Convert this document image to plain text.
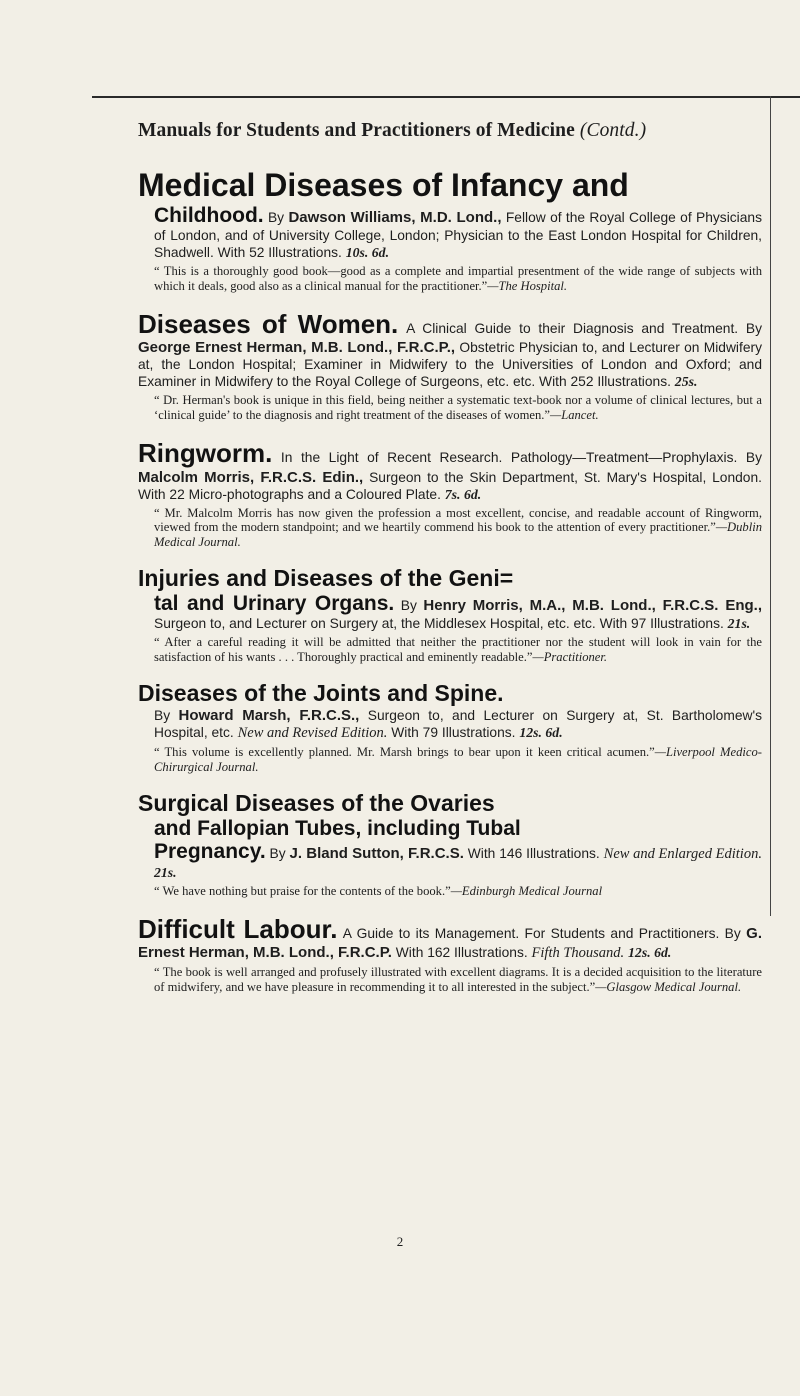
Manuals for Students and Practitioners of Medicine (Contd.)
Medical Diseases of Infancy and
Childhood. By Dawson Williams, M.D. Lond., Fellow of the Royal College of Physicians of London, and of University College, London; Physician to the East London Hospital for Children, Shadwell. With 52 Illustrations. 10s. 6d.
“ This is a thoroughly good book—good as a complete and impartial presentment of the wide range of subjects with which it deals, good also as a clinical manual for the practitioner.”—The Hospital.
Diseases of Women. A Clinical Guide to their Diagnosis and Treatment. By George Ernest Herman, M.B. Lond., F.R.C.P., Obstetric Physician to, and Lecturer on Midwifery at, the London Hospital; Examiner in Midwifery to the Universities of London and Oxford; and Examiner in Midwifery to the Royal College of Surgeons, etc. etc. With 252 Illustrations. 25s.
“ Dr. Herman's book is unique in this field, being neither a systematic text-book nor a volume of clinical lectures, but a ‘clinical guide’ to the diagnosis and right treatment of the diseases of women.”—Lancet.
Ringworm. In the Light of Recent Research. Pathology—Treatment—Prophylaxis. By Malcolm Morris, F.R.C.S. Edin., Surgeon to the Skin Department, St. Mary's Hospital, London. With 22 Micro-photographs and a Coloured Plate. 7s. 6d.
“ Mr. Malcolm Morris has now given the profession a most excellent, concise, and readable account of Ringworm, viewed from the modern standpoint; and we heartily commend his book to the attention of every practitioner.”—Dublin Medical Journal.
Injuries and Diseases of the Geni=
tal and Urinary Organs. By Henry Morris, M.A., M.B. Lond., F.R.C.S. Eng., Surgeon to, and Lecturer on Surgery at, the Middlesex Hospital, etc. etc. With 97 Illustrations. 21s.
“ After a careful reading it will be admitted that neither the practitioner nor the student will look in vain for the satisfaction of his wants . . . Thoroughly practical and eminently readable.”—Practitioner.
Diseases of the Joints and Spine.
By Howard Marsh, F.R.C.S., Surgeon to, and Lecturer on Surgery at, St. Bartholomew's Hospital, etc. New and Revised Edition. With 79 Illustrations. 12s. 6d.
“ This volume is excellently planned. Mr. Marsh brings to bear upon it keen critical acumen.”—Liverpool Medico-Chirurgical Journal.
Surgical Diseases of the Ovaries
and Fallopian Tubes, including Tubal
Pregnancy. By J. Bland Sutton, F.R.C.S. With 146 Illustrations. New and Enlarged Edition. 21s.
“ We have nothing but praise for the contents of the book.”—Edinburgh Medical Journal
Difficult Labour. A Guide to its Management. For Students and Practitioners. By G. Ernest Herman, M.B. Lond., F.R.C.P. With 162 Illustrations. Fifth Thousand. 12s. 6d.
“ The book is well arranged and profusely illustrated with excellent diagrams. It is a decided acquisition to the literature of midwifery, and we have pleasure in recommending it to all interested in the subject.”—Glasgow Medical Journal.
2
